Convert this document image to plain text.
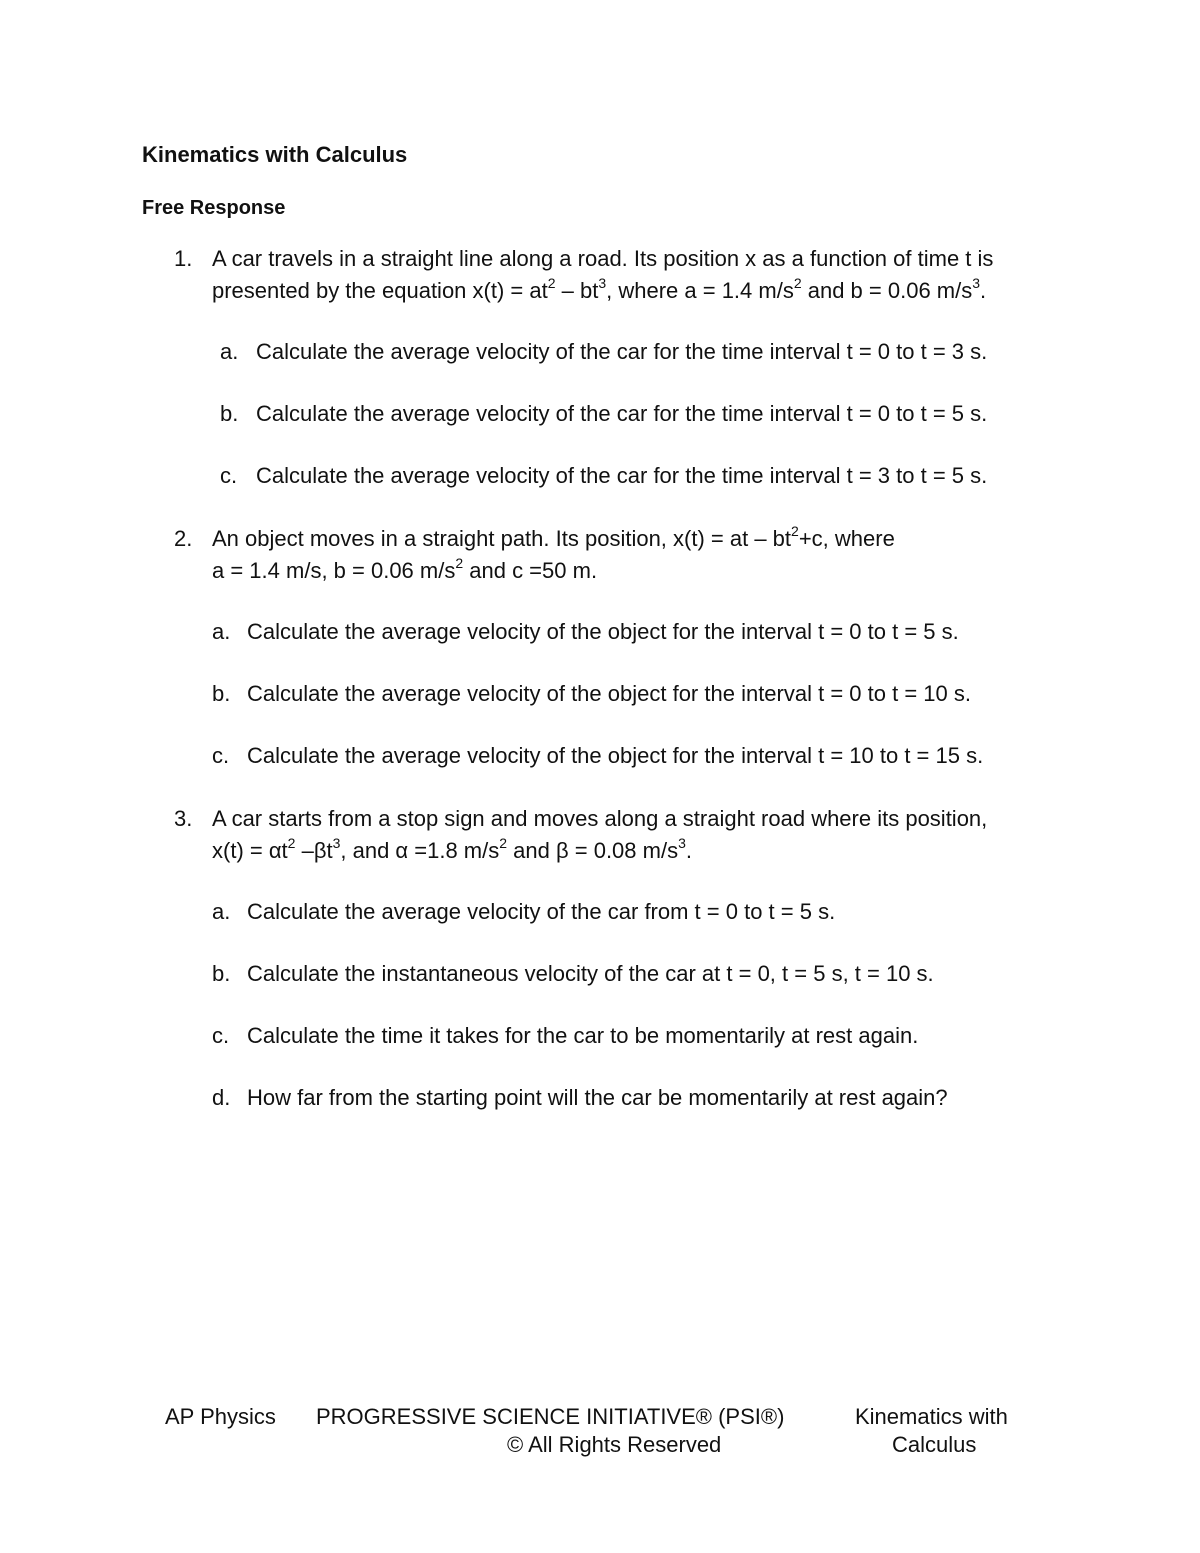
Kinematics with Calculus
Free Response
1. A car travels in a straight line along a road. Its position x as a function of time t is
presented by the equation $x(t) = at^2 - bt^3$, where a = 1.4 $m/s^2$ and b = 0.06 $m/s^3$.
a. Calculate the average velocity of the car for the time interval t = 0 to t = 3 s.
b. Calculate the average velocity of the car for the time interval t = 0 to t = 5 s.
c. Calculate the average velocity of the car for the time interval t = 3 to t = 5 s.
2. An object moves in a straight path. Its position, x(t) = at – $bt^2+c$, where
a = 1.4 m/s, b = 0.06 $m/s^2$ and c =50 m.
a. Calculate the average velocity of the object for the interval t = 0 to t = 5 s.
b. Calculate the average velocity of the object for the interval t = 0 to t = 10 s.
c. Calculate the average velocity of the object for the interval t = 10 to t = 15 s.
3. A car starts from a stop sign and moves along a straight road where its position,
$x(t) = \alpha t^2$ $-\beta t^3$, and α =1.8 $m/s^2$ and β = 0.08 $m/s^3$.
a. Calculate the average velocity of the car from t = 0 to t = 5 s.
b. Calculate the instantaneous velocity of the car at t = 0, t = 5 s, t = 10 s.
c. Calculate the time it takes for the car to be momentarily at rest again.
d. How far from the starting point will the car be momentarily at rest again?
AP Physics PROGRESSIVE SCIENCE INITIATIVE® (PSI®)
© All Rights Reserved
Kinematics with
Calculus
